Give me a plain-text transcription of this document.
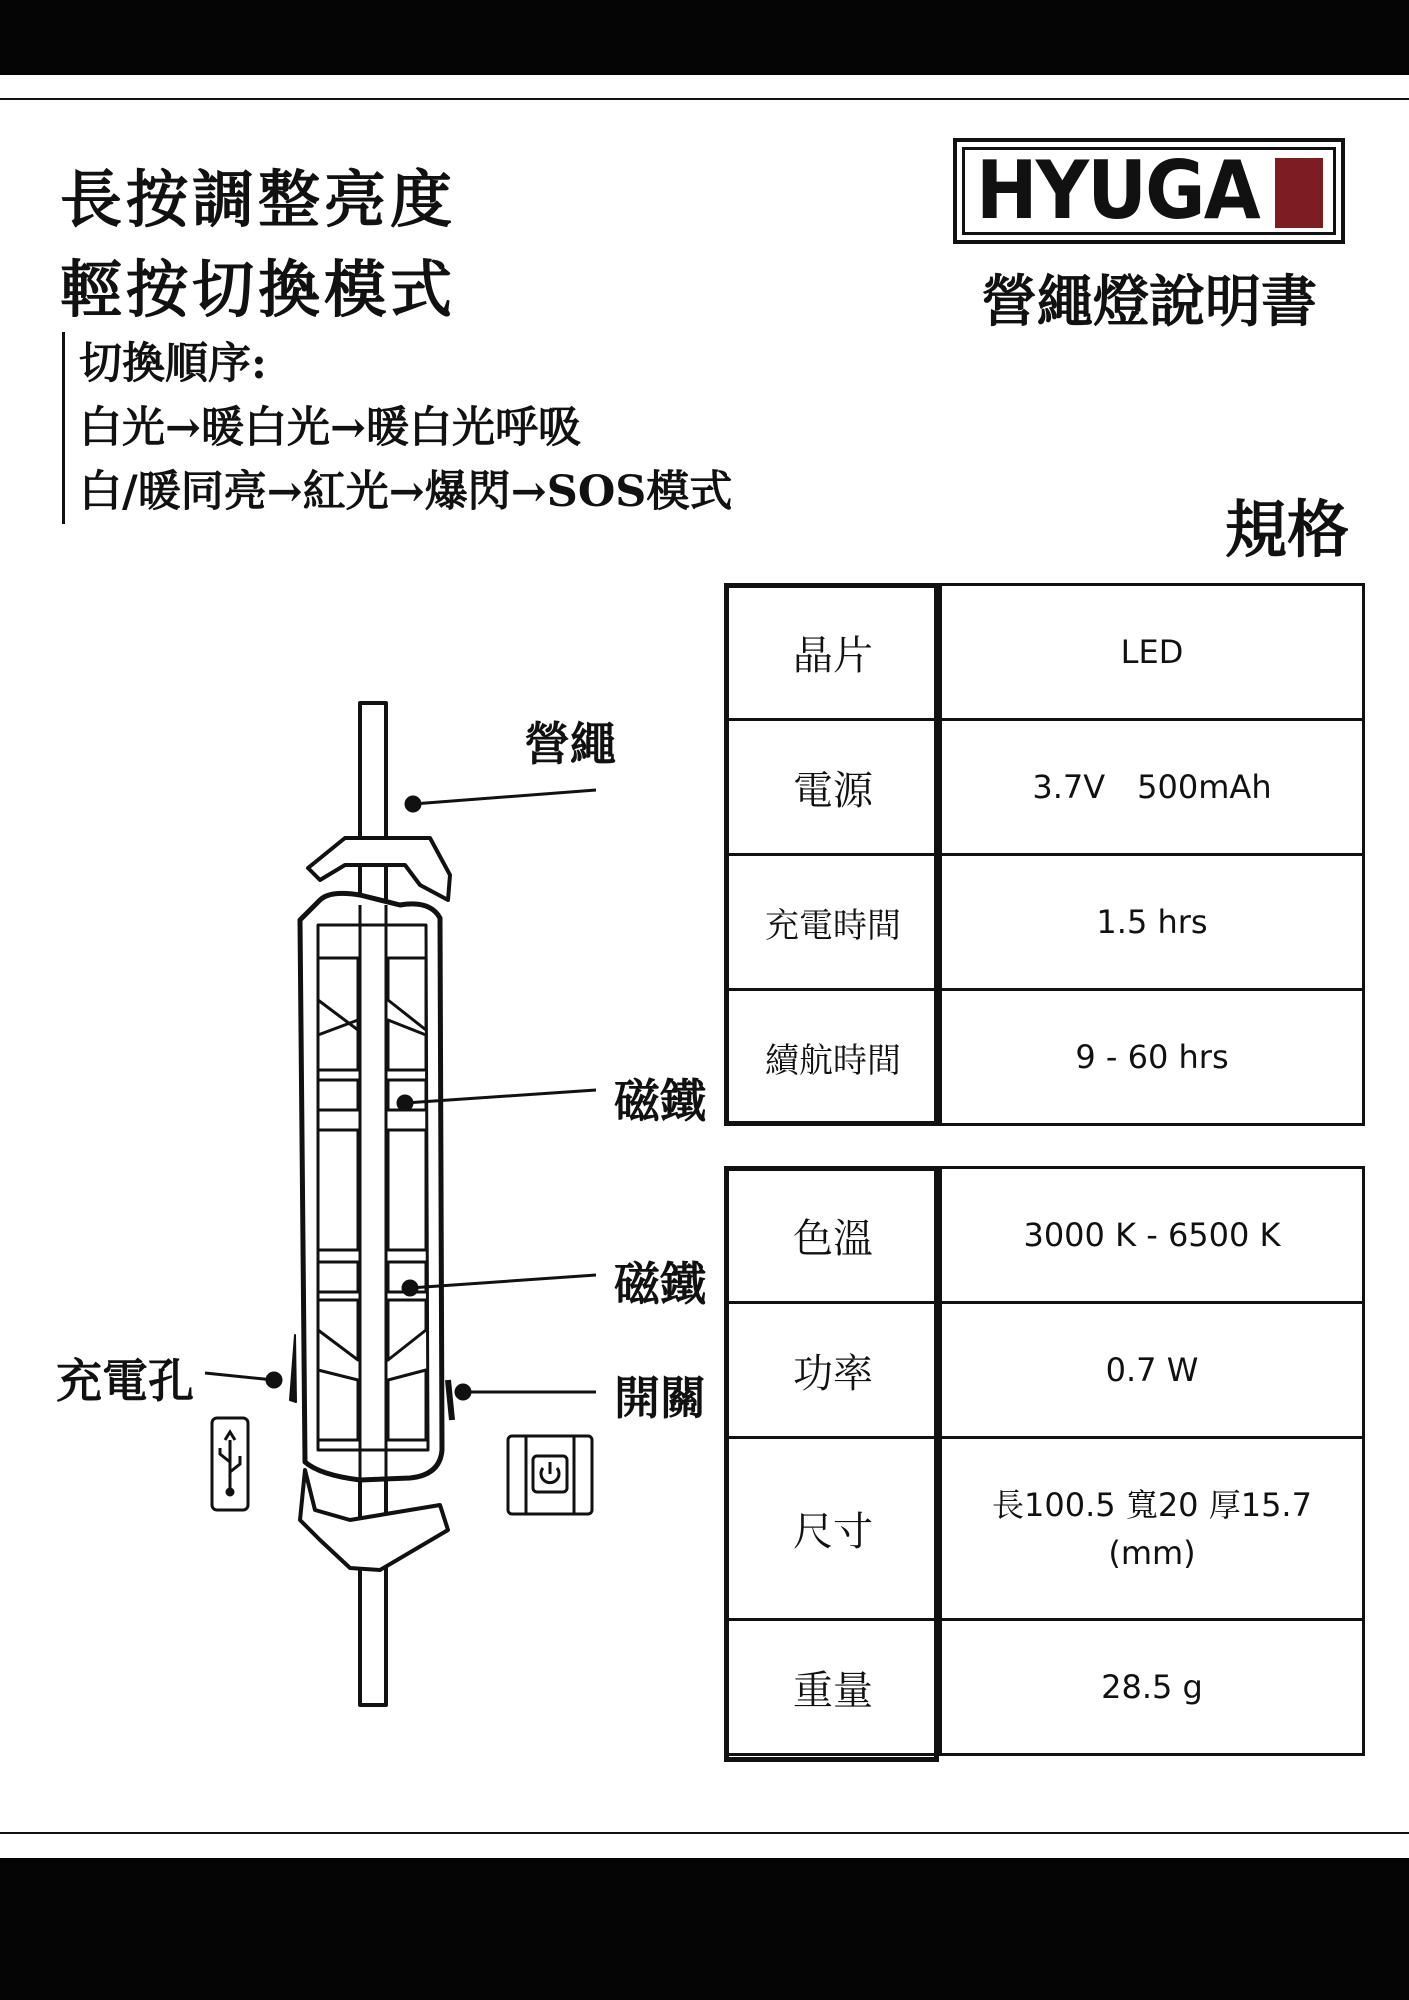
長按調整亮度
輕按切換模式
切換順序:
白光→暖白光→暖白光呼吸
白/暖同亮→紅光→爆閃→SOS模式
HYUGA
營繩燈說明書
規格

營繩

磁鐵

磁鐵

開關

充電孔

晶片	LED
電源	3.7V　500mAh
充電時間	1.5 hrs
續航時間	9 - 60 hrs
色溫	3000 K - 6500 K
功率	0.7 W
尺寸	長100.5 寬20 厚15.7
(mm)

重量	28.5 g
